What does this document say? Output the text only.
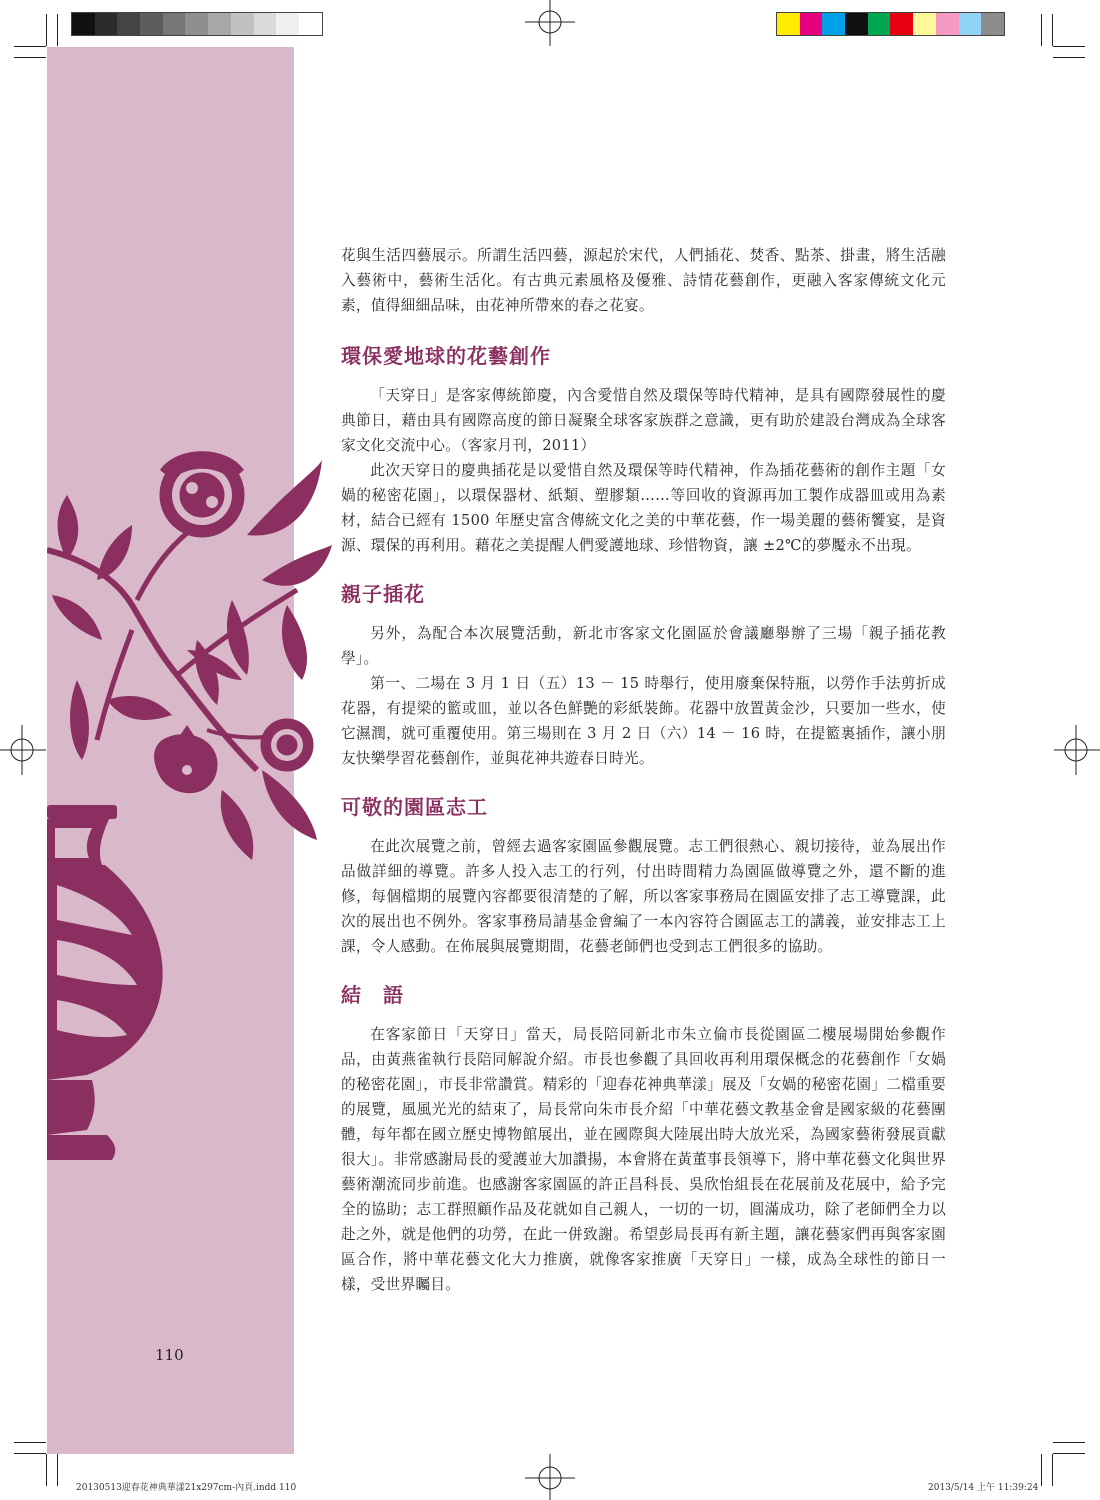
花與生活四藝展示。所謂生活四藝，源起於宋代，人們插花、焚香、點茶、掛畫，將生活融入藝術中，藝術生活化。有古典元素風格及優雅、詩情花藝創作，更融入客家傳統文化元素，值得細細品味，由花神所帶來的春之花宴。

環保愛地球的花藝創作

「天穿日」是客家傳統節慶，內含愛惜自然及環保等時代精神，是具有國際發展性的慶典節日，藉由具有國際高度的節日凝聚全球客家族群之意識，更有助於建設台灣成為全球客家文化交流中心。（客家月刊，2011）

此次天穿日的慶典插花是以愛惜自然及環保等時代精神，作為插花藝術的創作主題「女媧的秘密花園」，以環保器材、紙類、塑膠類……等回收的資源再加工製作成器皿或用為素材，結合已經有 1500 年歷史富含傳統文化之美的中華花藝，作一場美麗的藝術饗宴，是資源、環保的再利用。藉花之美提醒人們愛護地球、珍惜物資，讓 ±2℃的夢魘永不出現。

親子插花

另外，為配合本次展覽活動，新北市客家文化園區於會議廳舉辦了三場「親子插花教學」。

第一、二場在 3 月 1 日（五）13 － 15 時舉行，使用廢棄保特瓶，以勞作手法剪折成花器，有提梁的籃或皿，並以各色鮮艷的彩紙裝飾。花器中放置黃金沙，只要加一些水，使它濕潤，就可重覆使用。第三場則在 3 月 2 日（六）14 － 16 時，在提籃裏插作，讓小朋友快樂學習花藝創作，並與花神共遊春日時光。

可敬的園區志工

在此次展覽之前，曾經去過客家園區參觀展覽。志工們很熱心、親切接待，並為展出作品做詳細的導覽。許多人投入志工的行列，付出時間精力為園區做導覽之外，還不斷的進修，每個檔期的展覽內容都要很清楚的了解，所以客家事務局在園區安排了志工導覽課，此次的展出也不例外。客家事務局請基金會編了一本內容符合園區志工的講義，並安排志工上課，令人感動。在佈展與展覽期間，花藝老師們也受到志工們很多的協助。

結　語

在客家節日「天穿日」當天，局長陪同新北市朱立倫市長從園區二樓展場開始參觀作品，由黃燕雀執行長陪同解說介紹。市長也參觀了具回收再利用環保概念的花藝創作「女媧的秘密花園」，市長非常讚賞。精彩的「迎春花神典華漾」展及「女媧的秘密花園」二檔重要的展覽，風風光光的結束了，局長常向朱市長介紹「中華花藝文教基金會是國家級的花藝團體，每年都在國立歷史博物館展出，並在國際與大陸展出時大放光采，為國家藝術發展貢獻很大」。非常感謝局長的愛護並大加讚揚，本會將在黃董事長領導下，將中華花藝文化與世界藝術潮流同步前進。也感謝客家園區的許正昌科長、吳欣怡組長在花展前及花展中，給予完全的協助；志工群照顧作品及花就如自己親人，一切的一切，圓滿成功，除了老師們全力以赴之外，就是他們的功勞，在此一併致謝。希望彭局長再有新主題，讓花藝家們再與客家園區合作，將中華花藝文化大力推廣，就像客家推廣「天穿日」一樣，成為全球性的節日一樣，受世界矚目。

110
20130513迎春花神典華漾21x297cm-內頁.indd 110	2013/5/14 上午 11:39:24
